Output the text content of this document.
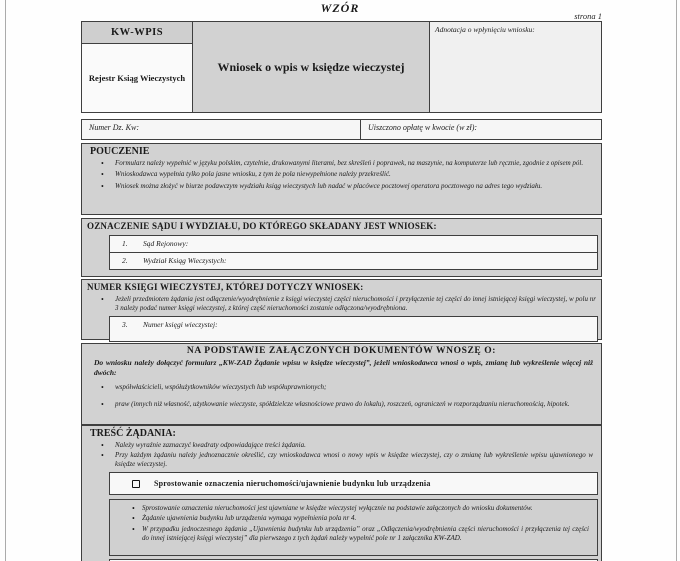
WZÓR
strona 1
KW-WPIS
Rejestr Ksiąg Wieczystych
Wniosek o wpis w księdze wieczystej
Adnotacja o wpłynięciu wniosku:
Numer Dz. Kw:	Uiszczono opłatę w kwocie (w zł):
POUCZENIE
• Formularz należy wypełnić w języku polskim, czytelnie, drukowanymi literami, bez skreśleń i poprawek, na maszynie, na komputerze lub ręcznie, zgodnie z opisem pól.
• Wnioskodawca wypełnia tylko pola jasne wniosku, z tym że pola niewypełnione należy przekreślić.
• Wniosek można złożyć w biurze podawczym wydziału ksiąg wieczystych lub nadać w placówce pocztowej operatora pocztowego na adres tego wydziału.
OZNACZENIE SĄDU I WYDZIAŁU, DO KTÓREGO SKŁADANY JEST WNIOSEK:
1. Sąd Rejonowy:
2. Wydział Ksiąg Wieczystych:
NUMER KSIĘGI WIECZYSTEJ, KTÓREJ DOTYCZY WNIOSEK:
• Jeżeli przedmiotem żądania jest odłączenie/wyodrębnienie z księgi wieczystej części nieruchomości i przyłączenie tej części do innej istniejącej księgi wieczystej, w polu nr 3 należy podać numer księgi wieczystej, z której część nieruchomości zostanie odłączona/wyodrębniona.
3. Numer księgi wieczystej:
NA PODSTAWIE ZAŁĄCZONYCH DOKUMENTÓW WNOSZĘ O:
Do wniosku należy dołączyć formularz „KW-ZAD Żądanie wpisu w księdze wieczystej”, jeżeli wnioskodawca wnosi o wpis, zmianę lub wykreślenie więcej niż dwóch:
• współwłaścicieli, współużytkowników wieczystych lub współuprawnionych;
• praw (innych niż własność, użytkowanie wieczyste, spółdzielcze własnościowe prawo do lokalu), roszczeń, ograniczeń w rozporządzaniu nieruchomością, hipotek.
TREŚĆ ŻĄDANIA:
• Należy wyraźnie zaznaczyć kwadraty odpowiadające treści żądania.
• Przy każdym żądaniu należy jednoznacznie określić, czy wnioskodawca wnosi o nowy wpis w księdze wieczystej, czy o zmianę lub wykreślenie wpisu ujawnionego w księdze wieczystej.
Sprostowanie oznaczenia nieruchomości/ujawnienie budynku lub urządzenia
• Sprostowanie oznaczenia nieruchomości jest ujawniane w księdze wieczystej wyłącznie na podstawie załączonych do wniosku dokumentów.
• Żądanie ujawnienia budynku lub urządzenia wymaga wypełnienia pola nr 4.
• W przypadku jednoczesnego żądania „Ujawnienia budynku lub urządzenia” oraz „Odłączenia/wyodrębnienia części nieruchomości i przyłączenia tej części do innej istniejącej księgi wieczystej” dla pierwszego z tych żądań należy wypełnić pole nr 1 załącznika KW-ZAD.
